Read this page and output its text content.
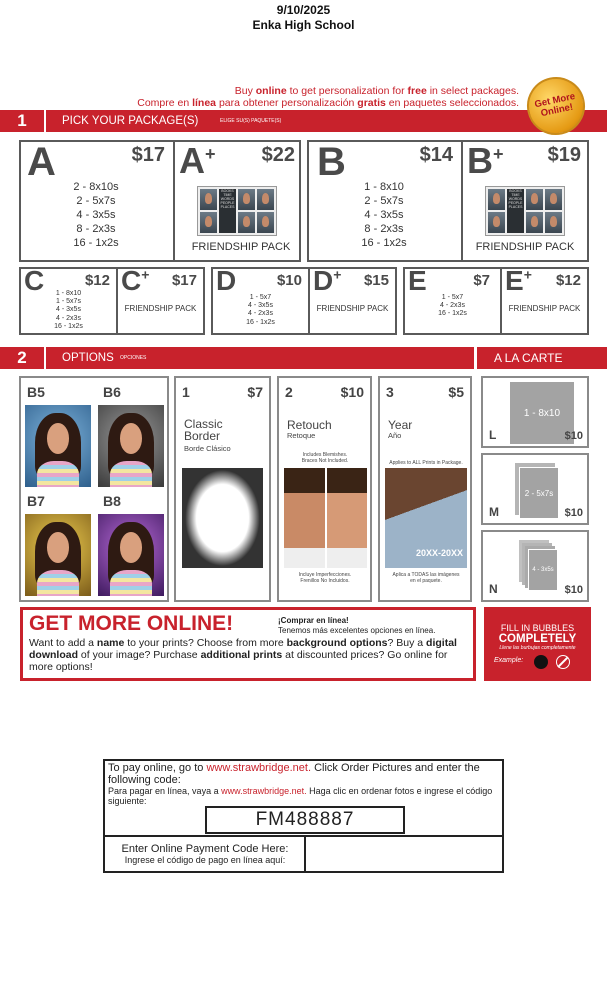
9/10/2025
Enka High School
Buy online to get personalization for free in select packages.
Compre en línea para obtener personalización gratis en paquetes seleccionados.
1	PICK YOUR PACKAGE(S)	ELIGE SU(S) PAQUETE(S)
Get More Online!
A	$17
2 - 8x10s
2 - 5x7s
4 - 3x5s
8 - 2x3s
16 - 1x2s
A+ $22
BOOKS TIME WORDS PEOPLE PLACES
FRIENDSHIP PACK
B	$14
1 - 8x10
2 - 5x7s
4 - 3x5s
8 - 2x3s
16 - 1x2s
B+ $19
BOOKS TIME WORDS PEOPLE PLACES
FRIENDSHIP PACK
C	$12
1 - 8x10
1 - 5x7s
4 - 3x5s
4 - 2x3s
16 - 1x2s
C+ $17
FRIENDSHIP PACK
D	$10
1 - 5x7
4 - 3x5s
4 - 2x3s
16 - 1x2s
D+ $15
FRIENDSHIP PACK
E	$7
1 - 5x7
4 - 2x3s
16 - 1x2s
E+ $12
FRIENDSHIP PACK
2	OPTIONS OPCIONES	A LA CARTE
B5	B6
B7	B8
1	$7
Classic Border
Borde Clásico
2	$10
Retouch
Retoque
Includes Blemishes. Braces Not Included.
Incluye Imperfecciones. Frenillos No Incluidos.
3	$5
Year
Año
Applies to ALL Prints in Package.
20XX-20XX
Aplica a TODAS las imágenes en el paquete.
1 - 8x10
L	$10
2 - 5x7s
M	$10
4 - 3x5s
N	$10
GET MORE ONLINE!	¡Comprar en línea!
Tenemos más excelentes opciones en línea.
Want to add a name to your prints? Choose from more background options? Buy a digital download of your image? Purchase additional prints at discounted prices? Go online for more options!
FILL IN BUBBLES
COMPLETELY
Llene las burbujas completamente
Example:
To pay online, go to www.strawbridge.net. Click Order Pictures and enter the following code:
Para pagar en línea, vaya a www.strawbridge.net. Haga clic en ordenar fotos e ingrese el código siguiente:
FM488887
Enter Online Payment Code Here:
Ingrese el código de pago en línea aquí:
